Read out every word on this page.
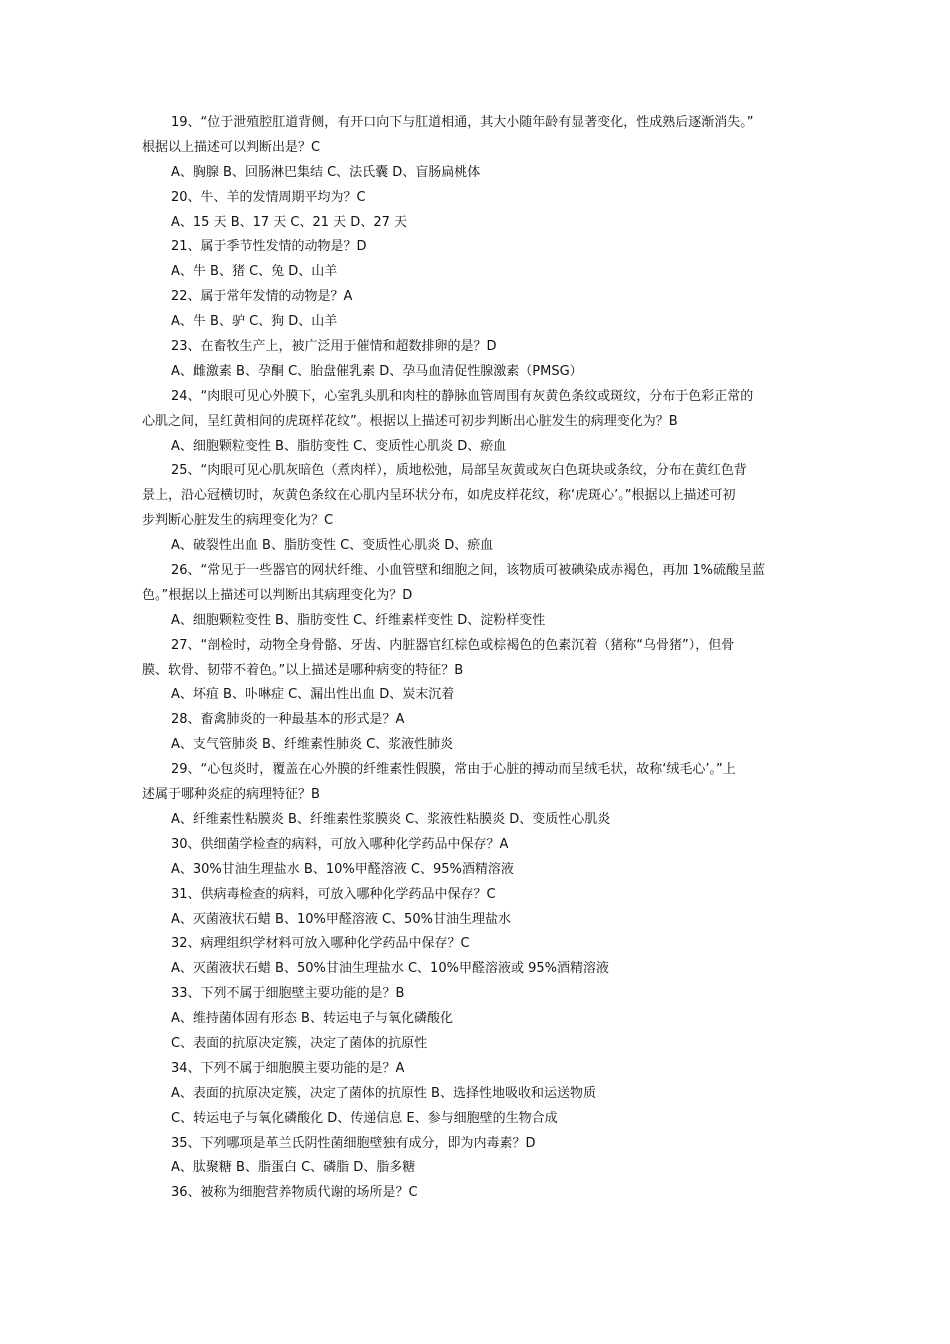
19、“位于泄殖腔肛道背侧，有开口向下与肛道相通，其大小随年龄有显著变化，性成熟后逐渐消失。”

根据以上描述可以判断出是？C

A、胸腺 B、回肠淋巴集结 C、法氏囊 D、盲肠扁桃体

20、牛、羊的发情周期平均为？C

A、15 天 B、17 天 C、21 天 D、27 天

21、属于季节性发情的动物是？D

A、牛 B、猪 C、兔 D、山羊

22、属于常年发情的动物是？A

A、牛 B、驴 C、狗 D、山羊

23、在畜牧生产上，被广泛用于催情和超数排卵的是？D

A、雌激素 B、孕酮 C、胎盘催乳素 D、孕马血清促性腺激素（PMSG）

24、“肉眼可见心外膜下，心室乳头肌和肉柱的静脉血管周围有灰黄色条纹或斑纹，分布于色彩正常的

心肌之间，呈红黄相间的虎斑样花纹”。根据以上描述可初步判断出心脏发生的病理变化为？B

A、细胞颗粒变性 B、脂肪变性 C、变质性心肌炎 D、瘀血

25、“肉眼可见心肌灰暗色（煮肉样），质地松弛，局部呈灰黄或灰白色斑块或条纹，分布在黄红色背

景上，沿心冠横切时，灰黄色条纹在心肌内呈环状分布，如虎皮样花纹，称‘虎斑心’。”根据以上描述可初

步判断心脏发生的病理变化为？C

A、破裂性出血 B、脂肪变性 C、变质性心肌炎 D、瘀血

26、“常见于一些器官的网状纤维、小血管壁和细胞之间，该物质可被碘染成赤褐色，再加 1%硫酸呈蓝

色。”根据以上描述可以判断出其病理变化为？D

A、细胞颗粒变性 B、脂肪变性 C、纤维素样变性 D、淀粉样变性

27、“剖检时，动物全身骨骼、牙齿、内脏器官红棕色或棕褐色的色素沉着（猪称“乌骨猪”），但骨

膜、软骨、韧带不着色。”以上描述是哪种病变的特征？B

A、坏疽 B、卟啉症 C、漏出性出血 D、炭末沉着

28、畜禽肺炎的一种最基本的形式是？A

A、支气管肺炎 B、纤维素性肺炎 C、浆液性肺炎

29、“心包炎时，覆盖在心外膜的纤维素性假膜，常由于心脏的搏动而呈绒毛状，故称‘绒毛心’。”上

述属于哪种炎症的病理特征？B

A、纤维素性粘膜炎 B、纤维素性浆膜炎 C、浆液性粘膜炎 D、变质性心肌炎

30、供细菌学检查的病料，可放入哪种化学药品中保存？A

A、30%甘油生理盐水 B、10%甲醛溶液 C、95%酒精溶液

31、供病毒检查的病料，可放入哪种化学药品中保存？C

A、灭菌液状石蜡 B、10%甲醛溶液 C、50%甘油生理盐水

32、病理组织学材料可放入哪种化学药品中保存？C

A、灭菌液状石蜡 B、50%甘油生理盐水 C、10%甲醛溶液或 95%酒精溶液

33、下列不属于细胞壁主要功能的是？B

A、维持菌体固有形态 B、转运电子与氧化磷酸化

C、表面的抗原决定簇，决定了菌体的抗原性

34、下列不属于细胞膜主要功能的是？A

A、表面的抗原决定簇，决定了菌体的抗原性 B、选择性地吸收和运送物质

C、转运电子与氧化磷酸化 D、传递信息 E、参与细胞壁的生物合成

35、下列哪项是革兰氏阴性菌细胞壁独有成分，即为内毒素？D

A、肽聚糖 B、脂蛋白 C、磷脂 D、脂多糖

36、被称为细胞营养物质代谢的场所是？C
